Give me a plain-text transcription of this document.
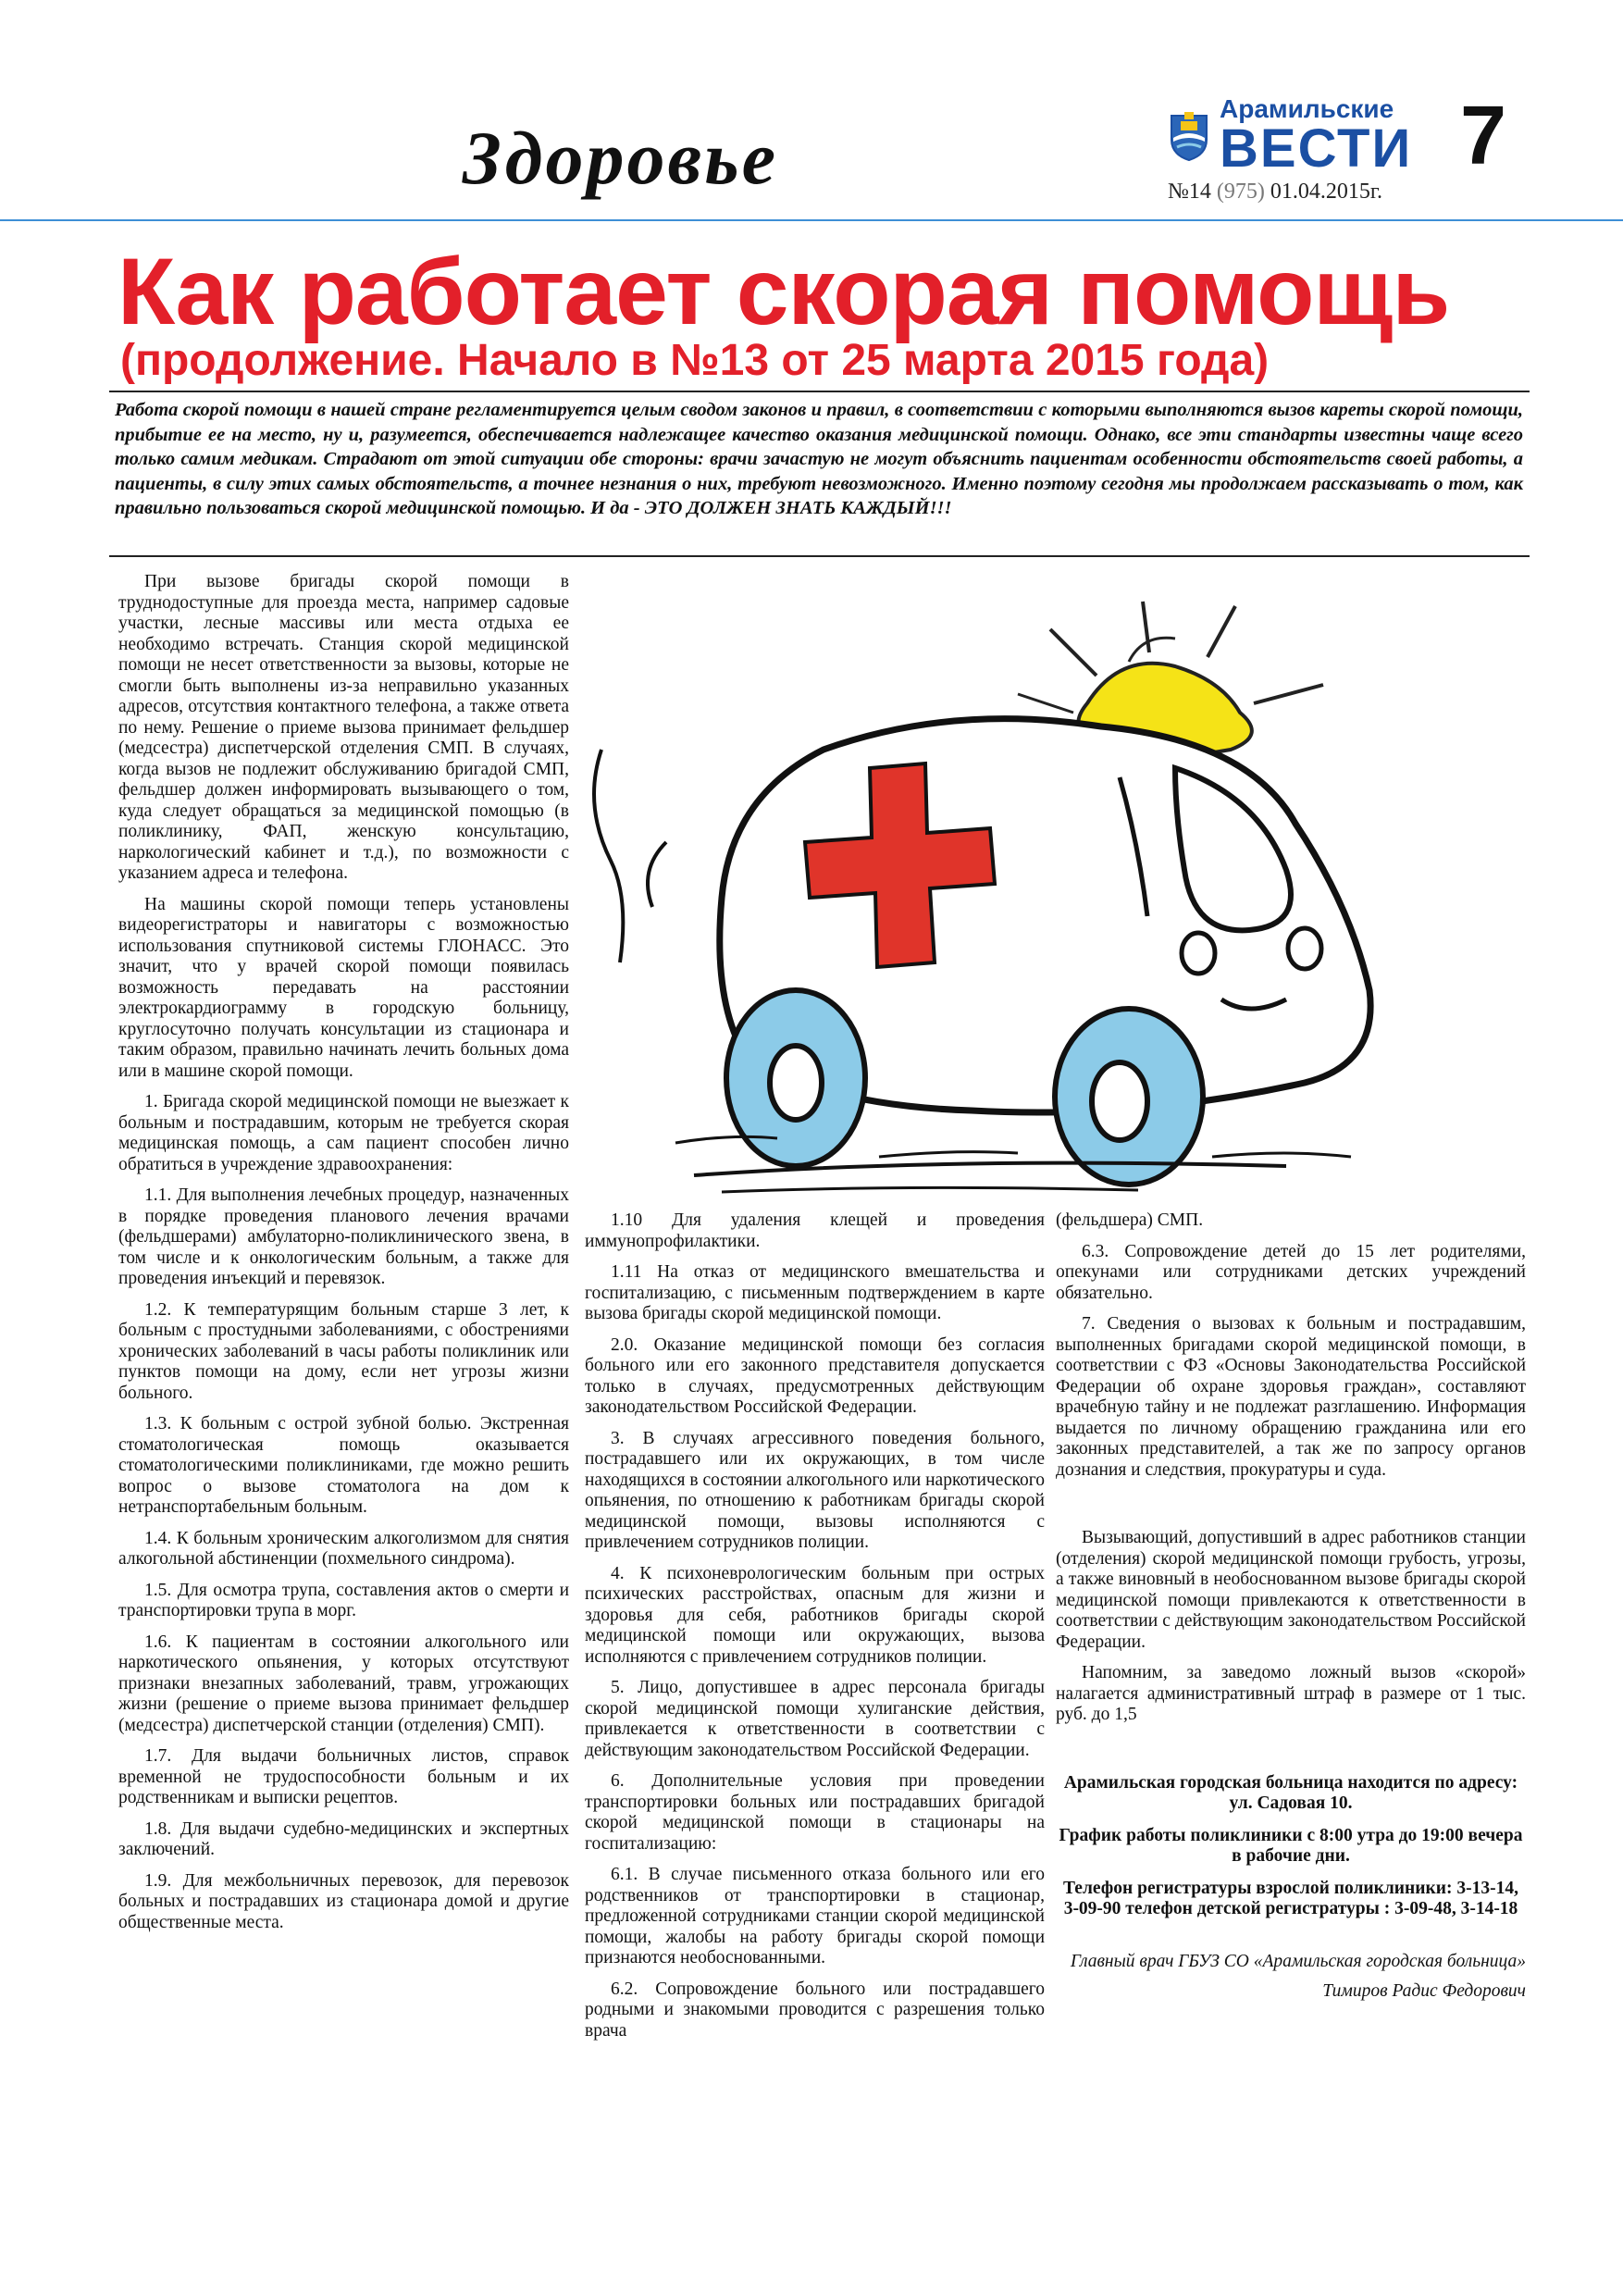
Здоровье
Арамильские
ВЕСТИ
№14 (975) 01.04.2015г.
7
Как работает скорая помощь
(продолжение. Начало в №13 от 25 марта 2015 года)

Работа скорой помощи в нашей стране регламентируется целым сводом законов и правил, в соответствии с которыми выполняются вызов кареты скорой помощи, прибытие ее на место, ну и, разумеется, обеспечивается надлежащее качество оказания медицинской помощи. Однако, все эти стандарты известны чаще всего только самим медикам. Страдают от этой ситуации обе стороны: врачи зачастую не могут объяснить пациентам особенности обстоятельств своей работы, а пациенты, в силу этих самых обстоятельств, а точнее незнания о них, требуют невозможного. Именно поэтому сегодня мы продолжаем рассказывать о том, как правильно пользоваться скорой медицинской помощью. И да - ЭТО ДОЛЖЕН ЗНАТЬ КАЖДЫЙ!!!

При вызове бригады скорой помощи в труднодоступные для проезда места, например садовые участки, лесные массивы или места отдыха ее необходимо встречать. Станция скорой медицинской помощи не несет ответственности за вызовы, которые не смогли быть выполнены из-за неправильно указанных адресов, отсутствия контактного телефона, а также ответа по нему. Решение о приеме вызова принимает фельдшер (медсестра) диспетчерской отделения СМП. В случаях, когда вызов не подлежит обслуживанию бригадой СМП, фельдшер должен информировать вызывающего о том, куда следует обращаться за медицинской помощью (в поликлинику, ФАП, женскую консультацию, наркологический кабинет и т.д.), по возможности с указанием адреса и телефона.

На машины скорой помощи теперь установлены видеорегистраторы и навигаторы с возможностью использования спутниковой системы ГЛОНАСС. Это значит, что у врачей скорой помощи появилась возможность передавать на расстоянии электрокардиограмму в городскую больницу, круглосуточно получать консультации из стационара и таким образом, правильно начинать лечить больных дома или в машине скорой помощи.

1. Бригада скорой медицинской помощи не выезжает к больным и пострадавшим, которым не требуется скорая медицинская помощь, а сам пациент способен лично обратиться в учреждение здравоохранения:

1.1. Для выполнения лечебных процедур, назначенных в порядке проведения планового лечения врачами (фельдшерами) амбулаторно-поликлинического звена, в том числе и к онкологическим больным, а также для проведения инъекций и перевязок.

1.2. К температурящим больным старше 3 лет, к больным с простудными заболеваниями, с обострениями хронических заболеваний в часы работы поликлиник или пунктов помощи на дому, если нет угрозы жизни больного.

1.3. К больным с острой зубной болью. Экстренная стоматологическая помощь оказывается стоматологическими поликлиниками, где можно решить вопрос о вызове стоматолога на дом к нетранспортабельным больным.

1.4. К больным хроническим алкоголизмом для снятия алкогольной абстиненции (похмельного синдрома).

1.5. Для осмотра трупа, составления актов о смерти и транспортировки трупа в морг.

1.6. К пациентам в состоянии алкогольного или наркотического опьянения, у которых отсутствуют признаки внезапных заболеваний, травм, угрожающих жизни (решение о приеме вызова принимает фельдшер (медсестра) диспетчерской станции (отделения) СМП).

1.7. Для выдачи больничных листов, справок временной не трудоспособности больным и их родственникам и выписки рецептов.

1.8. Для выдачи судебно-медицинских и экспертных заключений.

1.9. Для межбольничных перевозок, для перевозок больных и пострадавших из стационара домой и другие общественные места.

1.10 Для удаления клещей и проведения иммунопрофилактики.

1.11 На отказ от медицинского вмешательства и госпитализацию, с письменным подтверждением в карте вызова бригады скорой медицинской помощи.

2.0. Оказание медицинской помощи без согласия больного или его законного представителя допускается только в случаях, предусмотренных действующим законодательством Российской Федерации.

3. В случаях агрессивного поведения больного, пострадавшего или их окружающих, в том числе находящихся в состоянии алкогольного или наркотического опьянения, по отношению к работникам бригады скорой медицинской помощи, вызовы исполняются с привлечением сотрудников полиции.

4. К психоневрологическим больным при острых психических расстройствах, опасным для жизни и здоровья для себя, работников бригады скорой медицинской помощи или окружающих, вызова исполняются с привлечением сотрудников полиции.

5. Лицо, допустившее в адрес персонала бригады скорой медицинской помощи хулиганские действия, привлекается к ответственности в соответствии с действующим законодательством Российской Федерации.

6. Дополнительные условия при проведении транспортировки больных или пострадавших бригадой скорой медицинской помощи в стационары на госпитализацию:

6.1. В случае письменного отказа больного или его родственников от транспортировки в стационар, предложенной сотрудниками станции скорой медицинской помощи, жалобы на работу бригады скорой помощи признаются необоснованными.

6.2. Сопровождение больного или пострадавшего родными и знакомыми проводится с разрешения только врача

(фельдшера) СМП.

6.3. Сопровождение детей до 15 лет родителями, опекунами или сотрудниками детских учреждений обязательно.

7. Сведения о вызовах к больным и пострадавшим, выполненных бригадами скорой медицинской помощи, в соответствии с ФЗ «Основы Законодательства Российской Федерации об охране здоровья граждан», составляют врачебную тайну и не подлежат разглашению. Информация выдается по личному обращению гражданина или его законных представителей, а так же по запросу органов дознания и следствия, прокуратуры и суда.

Вызывающий, допустивший в адрес работников станции (отделения) скорой медицинской помощи грубость, угрозы, а также виновный в необоснованном вызове бригады скорой медицинской помощи привлекаются к ответственности в соответствии с действующим законодательством Российской Федерации.

Напомним, за заведомо ложный вызов «скорой» налагается административный штраф в размере от 1 тыс. руб. до 1,5

Арамильская городская больница находится по адресу: ул. Садовая 10.

График работы поликлиники с 8:00 утра до 19:00 вечера в рабочие дни.

Телефон регистратуры взрослой поликлиники: 3-13-14, 3-09-90 телефон детской регистратуры : 3-09-48, 3-14-18

Главный врач ГБУЗ СО «Арамильская городская больница»

Тимиров Радис Федорович
